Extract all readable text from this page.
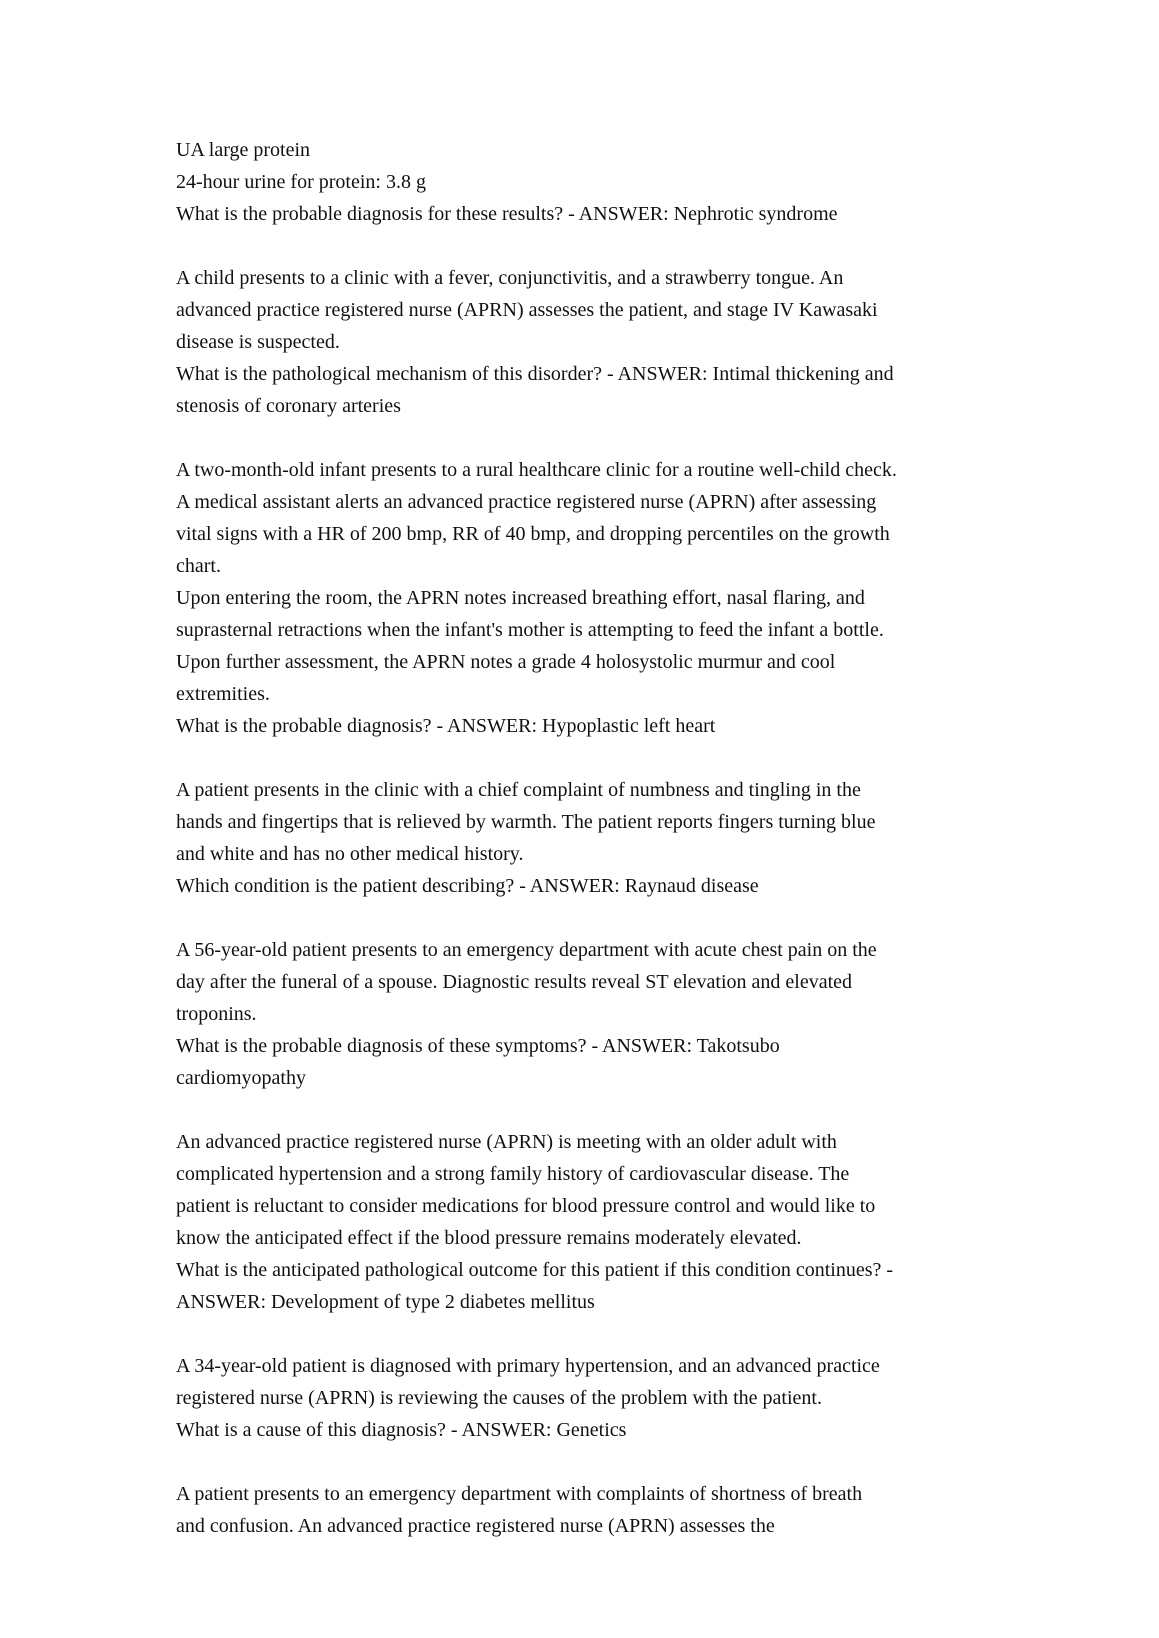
UA large protein
24-hour urine for protein: 3.8 g
What is the probable diagnosis for these results? - ANSWER: Nephrotic syndrome
A child presents to a clinic with a fever, conjunctivitis, and a strawberry tongue. An
advanced practice registered nurse (APRN) assesses the patient, and stage IV Kawasaki
disease is suspected.
What is the pathological mechanism of this disorder? - ANSWER: Intimal thickening and
stenosis of coronary arteries
A two-month-old infant presents to a rural healthcare clinic for a routine well-child check.
A medical assistant alerts an advanced practice registered nurse (APRN) after assessing
vital signs with a HR of 200 bmp, RR of 40 bmp, and dropping percentiles on the growth
chart.
Upon entering the room, the APRN notes increased breathing effort, nasal flaring, and
suprasternal retractions when the infant's mother is attempting to feed the infant a bottle.
Upon further assessment, the APRN notes a grade 4 holosystolic murmur and cool
extremities.
What is the probable diagnosis? - ANSWER: Hypoplastic left heart
A patient presents in the clinic with a chief complaint of numbness and tingling in the
hands and fingertips that is relieved by warmth. The patient reports fingers turning blue
and white and has no other medical history.
Which condition is the patient describing? - ANSWER: Raynaud disease
A 56-year-old patient presents to an emergency department with acute chest pain on the
day after the funeral of a spouse. Diagnostic results reveal ST elevation and elevated
troponins.
What is the probable diagnosis of these symptoms? - ANSWER: Takotsubo
cardiomyopathy
An advanced practice registered nurse (APRN) is meeting with an older adult with
complicated hypertension and a strong family history of cardiovascular disease. The
patient is reluctant to consider medications for blood pressure control and would like to
know the anticipated effect if the blood pressure remains moderately elevated.
What is the anticipated pathological outcome for this patient if this condition continues? -
ANSWER: Development of type 2 diabetes mellitus
A 34-year-old patient is diagnosed with primary hypertension, and an advanced practice
registered nurse (APRN) is reviewing the causes of the problem with the patient.
What is a cause of this diagnosis? - ANSWER: Genetics
A patient presents to an emergency department with complaints of shortness of breath
and confusion. An advanced practice registered nurse (APRN) assesses the
